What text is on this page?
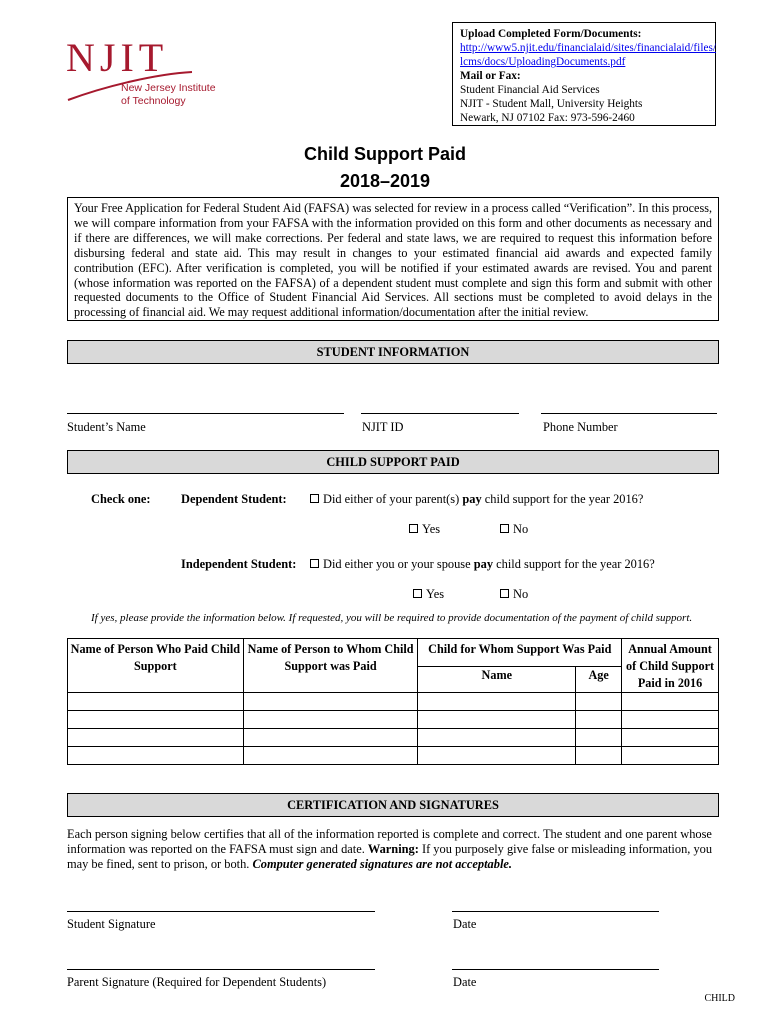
NJIT
New Jersey Institute
of Technology
Upload Completed Form/Documents:
http://www5.njit.edu/financialaid/sites/financialaid/files/
lcms/docs/UploadingDocuments.pdf
Mail or Fax:
Student Financial Aid Services
NJIT - Student Mall, University Heights
Newark, NJ 07102 Fax: 973-596-2460
Child Support Paid
2018–2019
Your Free Application for Federal Student Aid (FAFSA) was selected for review in a process called “Verification”. In this process, we will compare information from your FAFSA with the information provided on this form and other documents as necessary and if there are differences, we will make corrections. Per federal and state laws, we are required to request this information before disbursing federal and state aid. This may result in changes to your estimated financial aid awards and expected family contribution (EFC). After verification is completed, you will be notified if your estimated awards are revised. You and parent (whose information was reported on the FAFSA) of a dependent student must complete and sign this form and submit with other requested documents to the Office of Student Financial Aid Services. All sections must be completed to avoid delays in the processing of financial aid. We may request additional information/documentation after the initial review.
STUDENT INFORMATION
Student’s Name	NJIT ID	Phone Number
CHILD SUPPORT PAID
Check one: Dependent Student:	Did either of your parent(s) pay child support for the year 2016?
Yes	No
Independent Student:	Did either you or your spouse pay child support for the year 2016?
Yes	No
If yes, please provide the information below. If requested, you will be required to provide documentation of the payment of child support.
Name of Person Who Paid Child Support	Name of Person to Whom Child Support was Paid	Child for Whom Support Was Paid		Annual Amount of Child Support Paid in 2016
		Name	Age	

CERTIFICATION AND SIGNATURES
Each person signing below certifies that all of the information reported is complete and correct. The student and one parent whose information was reported on the FAFSA must sign and date. Warning: If you purposely give false or misleading information, you may be fined, sent to prison, or both. Computer generated signatures are not acceptable.
Student Signature	Date
Parent Signature (Required for Dependent Students)	Date
CHILD
